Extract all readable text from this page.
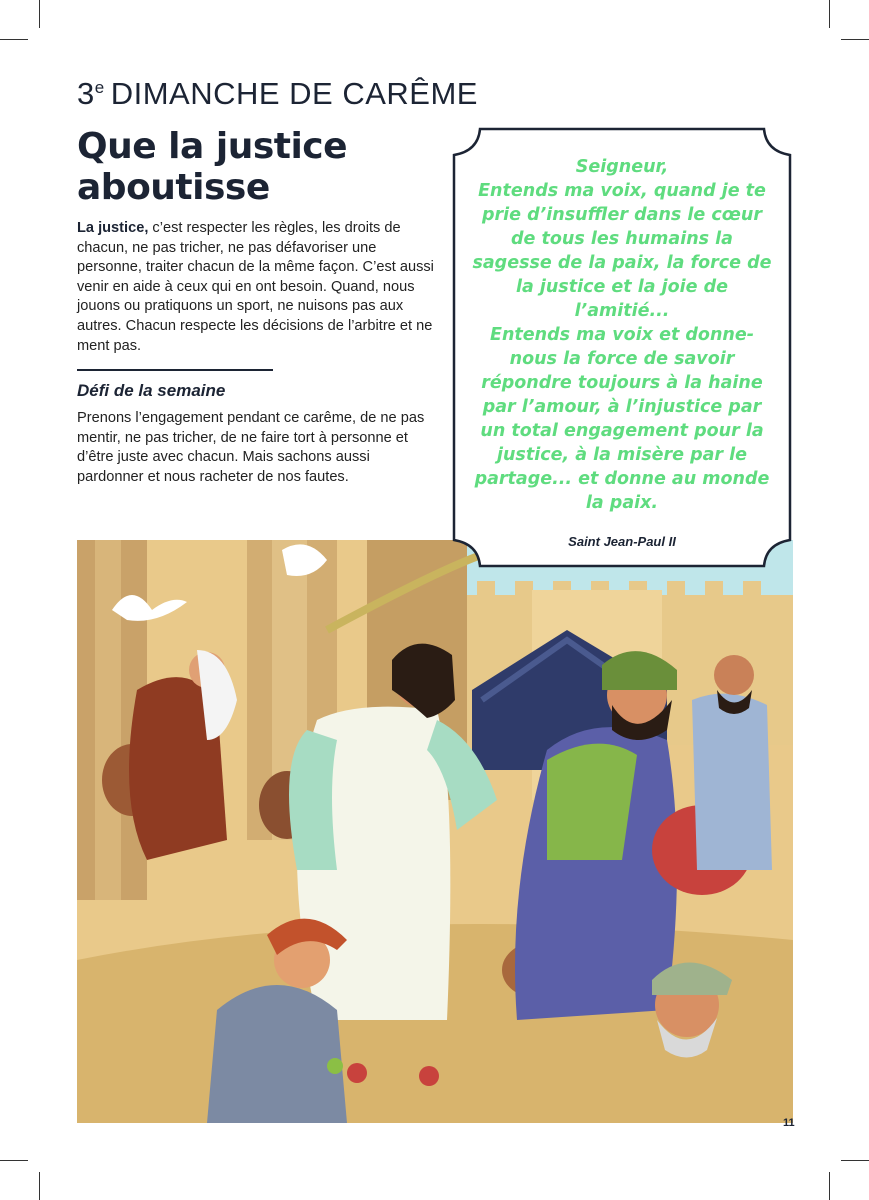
3e DIMANCHE DE CARÊME
Que la justice aboutisse

La justice, c’est respecter les règles, les droits de chacun, ne pas tricher, ne pas défavoriser une personne, traiter chacun de la même façon. C’est aussi venir en aide à ceux qui en ont besoin. Quand, nous jouons ou pratiquons un sport, ne nuisons pas aux autres. Chacun respecte les décisions de l’arbitre et ne ment pas.

Défi de la semaine

Prenons l’engagement pendant ce carême, de ne pas mentir, ne pas tricher, de ne faire tort à personne et d’être juste avec chacun. Mais sachons aussi pardonner et nous racheter de nos fautes.

Seigneur,

Entends ma voix, quand je te prie d’insuffler dans le cœur de tous les humains la sagesse de la paix, la force de la justice et la joie de l’amitié...

Entends ma voix et donne-nous la force de savoir répondre toujours à la haine par l’amour, à l’injustice par un total engagement pour la justice, à la misère par le partage... et donne au monde la paix.

Saint Jean-Paul II
11
